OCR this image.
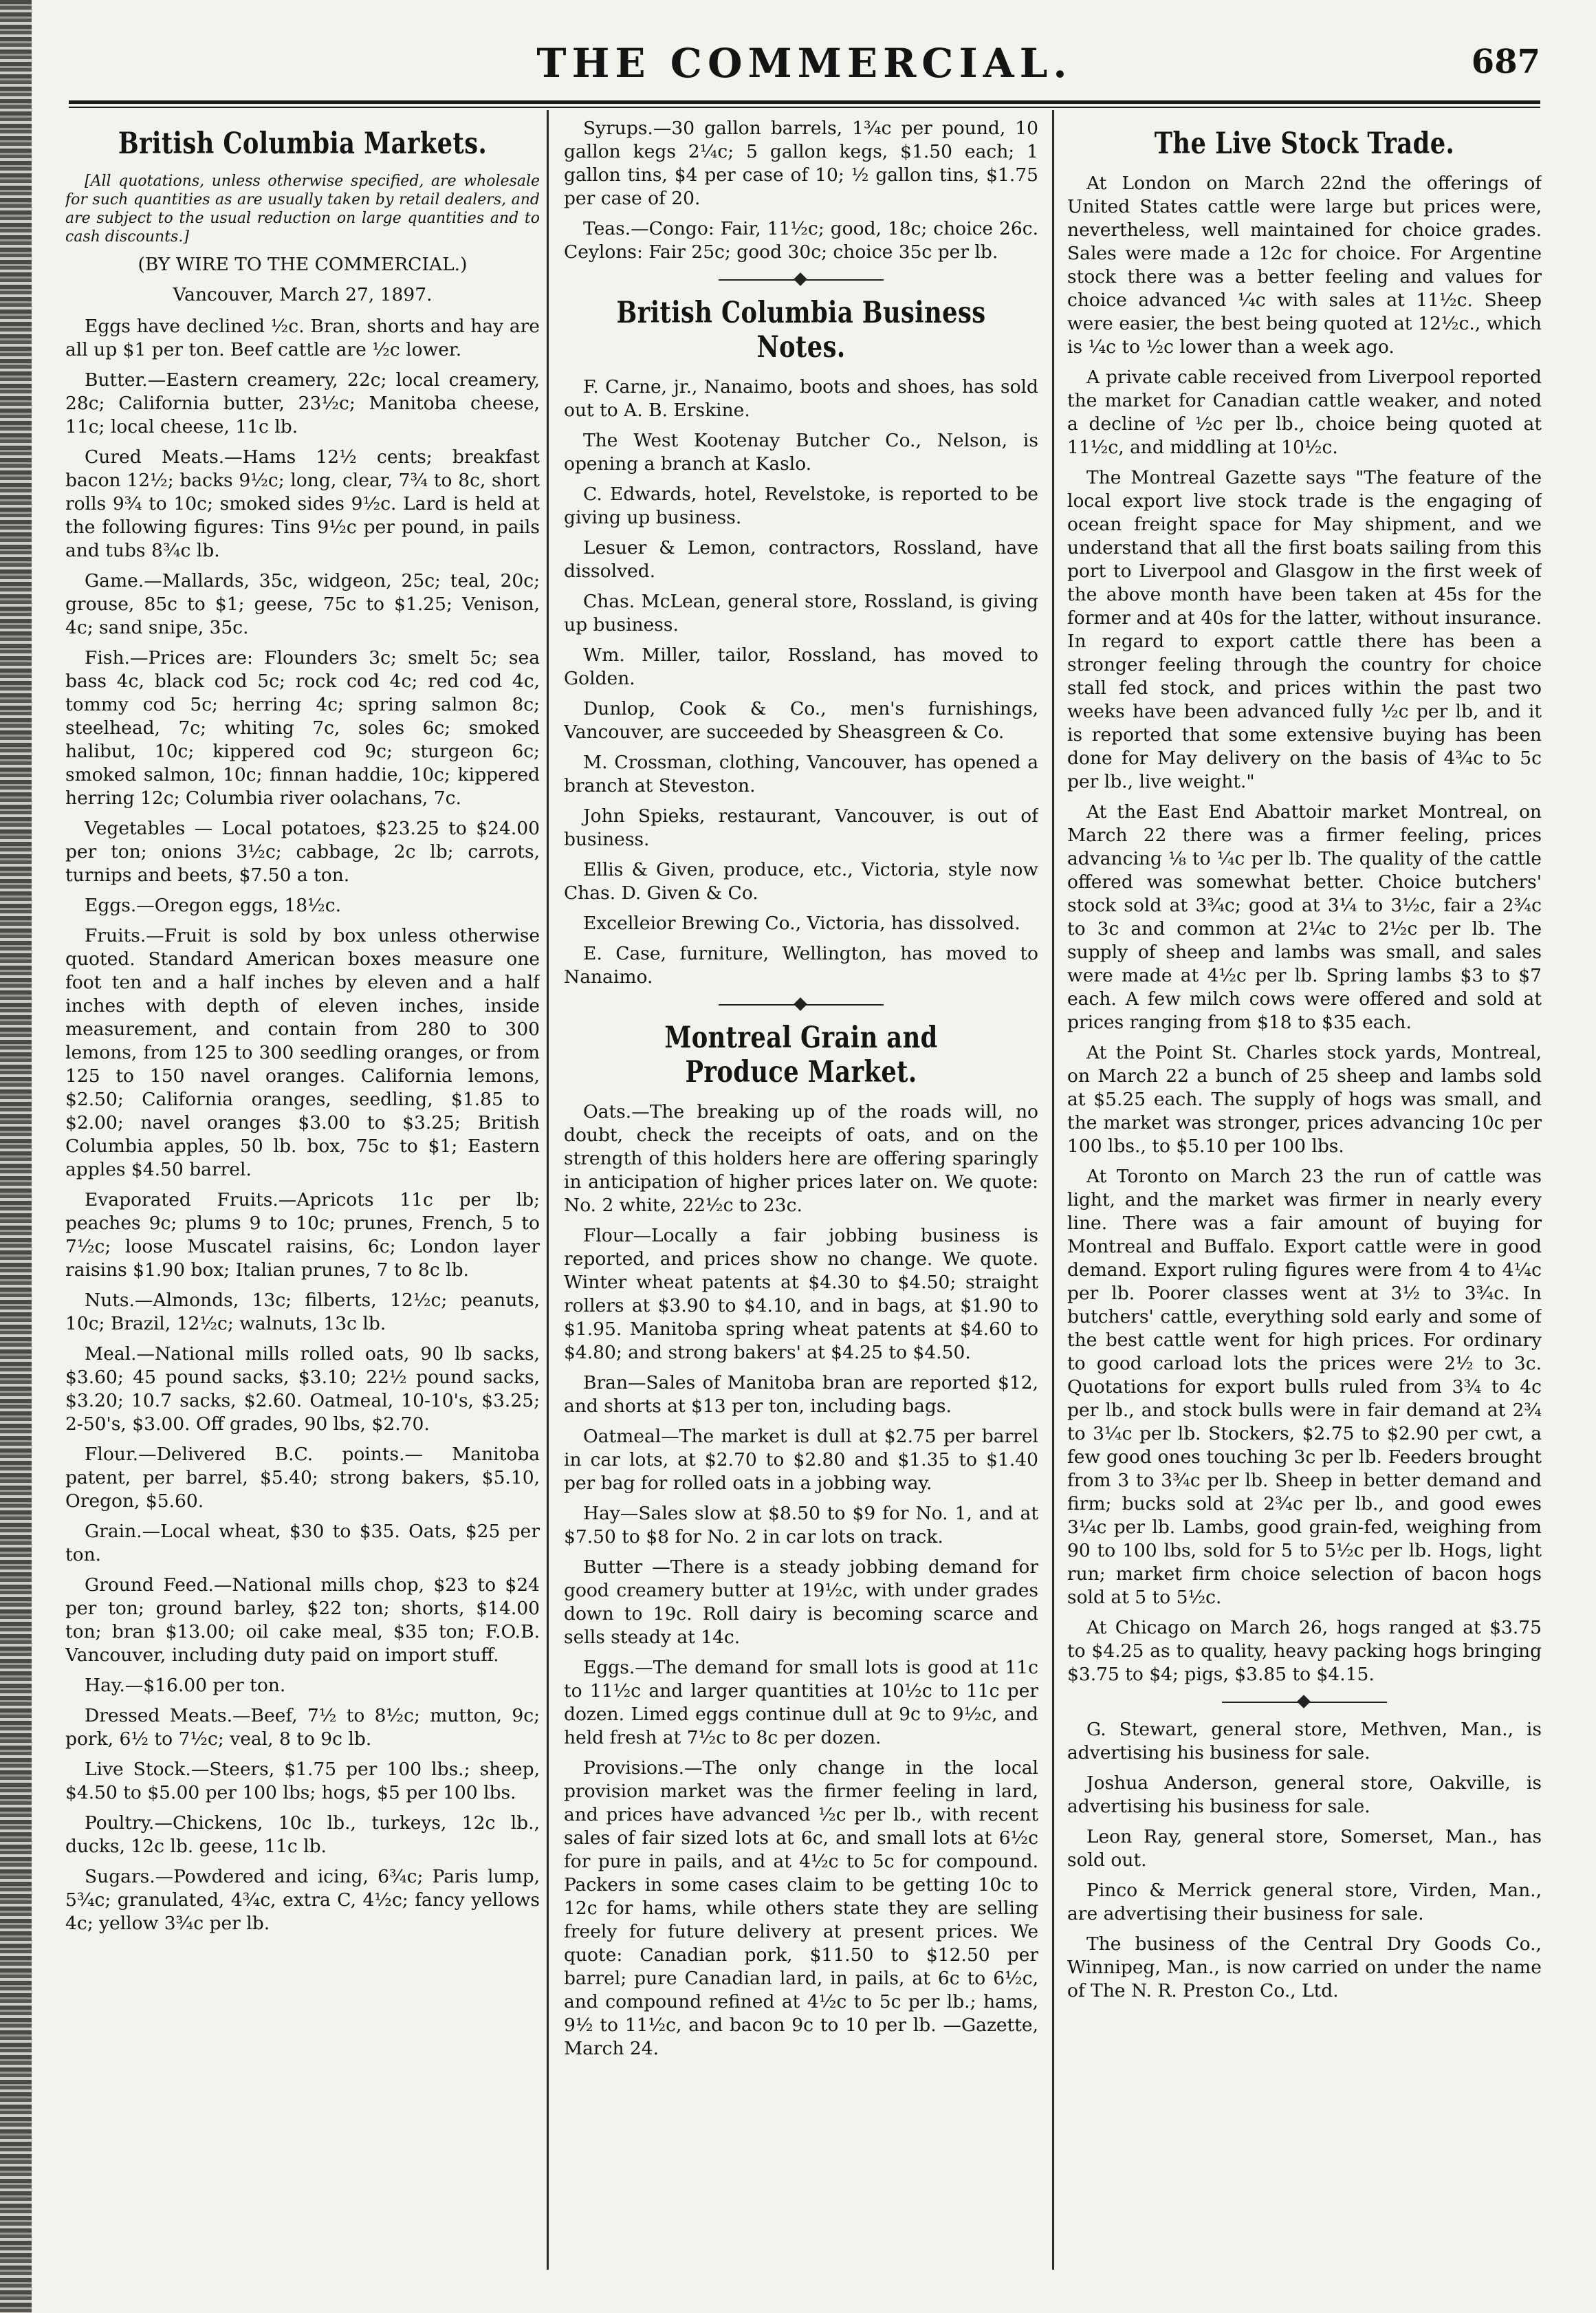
THE COMMERCIAL.	687
British Columbia Markets.

[All quotations, unless otherwise specified, are wholesale for such quantities as are usually taken by retail dealers, and are subject to the usual reduction on large quantities and to cash discounts.]

(BY WIRE TO THE COMMERCIAL.)

Vancouver, March 27, 1897.

Eggs have declined ½c. Bran, shorts and hay are all up $1 per ton. Beef cattle are ½c lower.

Butter.—Eastern creamery, 22c; local creamery, 28c; California butter, 23½c; Manitoba cheese, 11c; local cheese, 11c lb.

Cured Meats.—Hams 12½ cents; breakfast bacon 12½; backs 9½c; long, clear, 7¾ to 8c, short rolls 9¾ to 10c; smoked sides 9½c. Lard is held at the following figures: Tins 9½c per pound, in pails and tubs 8¾c lb.

Game.—Mallards, 35c, widgeon, 25c; teal, 20c; grouse, 85c to $1; geese, 75c to $1.25; Venison, 4c; sand snipe, 35c.

Fish.—Prices are: Flounders 3c; smelt 5c; sea bass 4c, black cod 5c; rock cod 4c; red cod 4c, tommy cod 5c; herring 4c; spring salmon 8c; steelhead, 7c; whiting 7c, soles 6c; smoked halibut, 10c; kippered cod 9c; sturgeon 6c; smoked salmon, 10c; finnan haddie, 10c; kippered herring 12c; Columbia river oolachans, 7c.

Vegetables — Local potatoes, $23.25 to $24.00 per ton; onions 3½c; cabbage, 2c lb; carrots, turnips and beets, $7.50 a ton.

Eggs.—Oregon eggs, 18½c.

Fruits.—Fruit is sold by box unless otherwise quoted. Standard American boxes measure one foot ten and a half inches by eleven and a half inches with depth of eleven inches, inside measurement, and contain from 280 to 300 lemons, from 125 to 300 seedling oranges, or from 125 to 150 navel oranges. California lemons, $2.50; California oranges, seedling, $1.85 to $2.00; navel oranges $3.00 to $3.25; British Columbia apples, 50 lb. box, 75c to $1; Eastern apples $4.50 barrel.

Evaporated Fruits.—Apricots 11c per lb; peaches 9c; plums 9 to 10c; prunes, French, 5 to 7½c; loose Muscatel raisins, 6c; London layer raisins $1.90 box; Italian prunes, 7 to 8c lb.

Nuts.—Almonds, 13c; filberts, 12½c; peanuts, 10c; Brazil, 12½c; walnuts, 13c lb.

Meal.—National mills rolled oats, 90 lb sacks, $3.60; 45 pound sacks, $3.10; 22½ pound sacks, $3.20; 10.7 sacks, $2.60. Oatmeal, 10-10's, $3.25; 2-50's, $3.00. Off grades, 90 lbs, $2.70.

Flour.—Delivered B.C. points.— Manitoba patent, per barrel, $5.40; strong bakers, $5.10, Oregon, $5.60.

Grain.—Local wheat, $30 to $35. Oats, $25 per ton.

Ground Feed.—National mills chop, $23 to $24 per ton; ground barley, $22 ton; shorts, $14.00 ton; bran $13.00; oil cake meal, $35 ton; F.O.B. Vancouver, including duty paid on import stuff.

Hay.—$16.00 per ton.

Dressed Meats.—Beef, 7½ to 8½c; mutton, 9c; pork, 6½ to 7½c; veal, 8 to 9c lb.

Live Stock.—Steers, $1.75 per 100 lbs.; sheep, $4.50 to $5.00 per 100 lbs; hogs, $5 per 100 lbs.

Poultry.—Chickens, 10c lb., turkeys, 12c lb., ducks, 12c lb. geese, 11c lb.

Sugars.—Powdered and icing, 6¾c; Paris lump, 5¾c; granulated, 4¾c, extra C, 4½c; fancy yellows 4c; yellow 3¾c per lb.

Syrups.—30 gallon barrels, 1¾c per pound, 10 gallon kegs 2¼c; 5 gallon kegs, $1.50 each; 1 gallon tins, $4 per case of 10; ½ gallon tins, $1.75 per case of 20.

Teas.—Congo: Fair, 11½c; good, 18c; choice 26c. Ceylons: Fair 25c; good 30c; choice 35c per lb.

British Columbia Business Notes.

F. Carne, jr., Nanaimo, boots and shoes, has sold out to A. B. Erskine.

The West Kootenay Butcher Co., Nelson, is opening a branch at Kaslo.

C. Edwards, hotel, Revelstoke, is reported to be giving up business.

Lesuer & Lemon, contractors, Rossland, have dissolved.

Chas. McLean, general store, Rossland, is giving up business.

Wm. Miller, tailor, Rossland, has moved to Golden.

Dunlop, Cook & Co., men's furnishings, Vancouver, are succeeded by Sheasgreen & Co.

M. Crossman, clothing, Vancouver, has opened a branch at Steveston.

John Spieks, restaurant, Vancouver, is out of business.

Ellis & Given, produce, etc., Victoria, style now Chas. D. Given & Co.

Excelleior Brewing Co., Victoria, has dissolved.

E. Case, furniture, Wellington, has moved to Nanaimo.

Montreal Grain and Produce Market.

Oats.—The breaking up of the roads will, no doubt, check the receipts of oats, and on the strength of this holders here are offering sparingly in anticipation of higher prices later on. We quote: No. 2 white, 22½c to 23c.

Flour—Locally a fair jobbing business is reported, and prices show no change. We quote. Winter wheat patents at $4.30 to $4.50; straight rollers at $3.90 to $4.10, and in bags, at $1.90 to $1.95. Manitoba spring wheat patents at $4.60 to $4.80; and strong bakers' at $4.25 to $4.50.

Bran—Sales of Manitoba bran are reported $12, and shorts at $13 per ton, including bags.

Oatmeal—The market is dull at $2.75 per barrel in car lots, at $2.70 to $2.80 and $1.35 to $1.40 per bag for rolled oats in a jobbing way.

Hay—Sales slow at $8.50 to $9 for No. 1, and at $7.50 to $8 for No. 2 in car lots on track.

Butter —There is a steady jobbing demand for good creamery butter at 19½c, with under grades down to 19c. Roll dairy is becoming scarce and sells steady at 14c.

Eggs.—The demand for small lots is good at 11c to 11½c and larger quantities at 10½c to 11c per dozen. Limed eggs continue dull at 9c to 9½c, and held fresh at 7½c to 8c per dozen.

Provisions.—The only change in the local provision market was the firmer feeling in lard, and prices have advanced ½c per lb., with recent sales of fair sized lots at 6c, and small lots at 6½c for pure in pails, and at 4½c to 5c for compound. Packers in some cases claim to be getting 10c to 12c for hams, while others state they are selling freely for future delivery at present prices. We quote: Canadian pork, $11.50 to $12.50 per barrel; pure Canadian lard, in pails, at 6c to 6½c, and compound refined at 4½c to 5c per lb.; hams, 9½ to 11½c, and bacon 9c to 10 per lb. —Gazette, March 24.

The Live Stock Trade.

At London on March 22nd the offerings of United States cattle were large but prices were, nevertheless, well maintained for choice grades. Sales were made a 12c for choice. For Argentine stock there was a better feeling and values for choice advanced ¼c with sales at 11½c. Sheep were easier, the best being quoted at 12½c., which is ¼c to ½c lower than a week ago.

A private cable received from Liverpool reported the market for Canadian cattle weaker, and noted a decline of ½c per lb., choice being quoted at 11½c, and middling at 10½c.

The Montreal Gazette says "The feature of the local export live stock trade is the engaging of ocean freight space for May shipment, and we understand that all the first boats sailing from this port to Liverpool and Glasgow in the first week of the above month have been taken at 45s for the former and at 40s for the latter, without insurance. In regard to export cattle there has been a stronger feeling through the country for choice stall fed stock, and prices within the past two weeks have been advanced fully ½c per lb, and it is reported that some extensive buying has been done for May delivery on the basis of 4¾c to 5c per lb., live weight."

At the East End Abattoir market Montreal, on March 22 there was a firmer feeling, prices advancing ⅛ to ¼c per lb. The quality of the cattle offered was somewhat better. Choice butchers' stock sold at 3¾c; good at 3¼ to 3½c, fair a 2¾c to 3c and common at 2¼c to 2½c per lb. The supply of sheep and lambs was small, and sales were made at 4½c per lb. Spring lambs $3 to $7 each. A few milch cows were offered and sold at prices ranging from $18 to $35 each.

At the Point St. Charles stock yards, Montreal, on March 22 a bunch of 25 sheep and lambs sold at $5.25 each. The supply of hogs was small, and the market was stronger, prices advancing 10c per 100 lbs., to $5.10 per 100 lbs.

At Toronto on March 23 the run of cattle was light, and the market was firmer in nearly every line. There was a fair amount of buying for Montreal and Buffalo. Export cattle were in good demand. Export ruling figures were from 4 to 4¼c per lb. Poorer classes went at 3½ to 3¾c. In butchers' cattle, everything sold early and some of the best cattle went for high prices. For ordinary to good carload lots the prices were 2½ to 3c. Quotations for export bulls ruled from 3¾ to 4c per lb., and stock bulls were in fair demand at 2¾ to 3¼c per lb. Stockers, $2.75 to $2.90 per cwt, a few good ones touching 3c per lb. Feeders brought from 3 to 3¾c per lb. Sheep in better demand and firm; bucks sold at 2¾c per lb., and good ewes 3¼c per lb. Lambs, good grain-fed, weighing from 90 to 100 lbs, sold for 5 to 5½c per lb. Hogs, light run; market firm choice selection of bacon hogs sold at 5 to 5½c.

At Chicago on March 26, hogs ranged at $3.75 to $4.25 as to quality, heavy packing hogs bringing $3.75 to $4; pigs, $3.85 to $4.15.

G. Stewart, general store, Methven, Man., is advertising his business for sale.

Joshua Anderson, general store, Oakville, is advertising his business for sale.

Leon Ray, general store, Somerset, Man., has sold out.

Pinco & Merrick general store, Virden, Man., are advertising their business for sale.

The business of the Central Dry Goods Co., Winnipeg, Man., is now carried on under the name of The N. R. Preston Co., Ltd.
